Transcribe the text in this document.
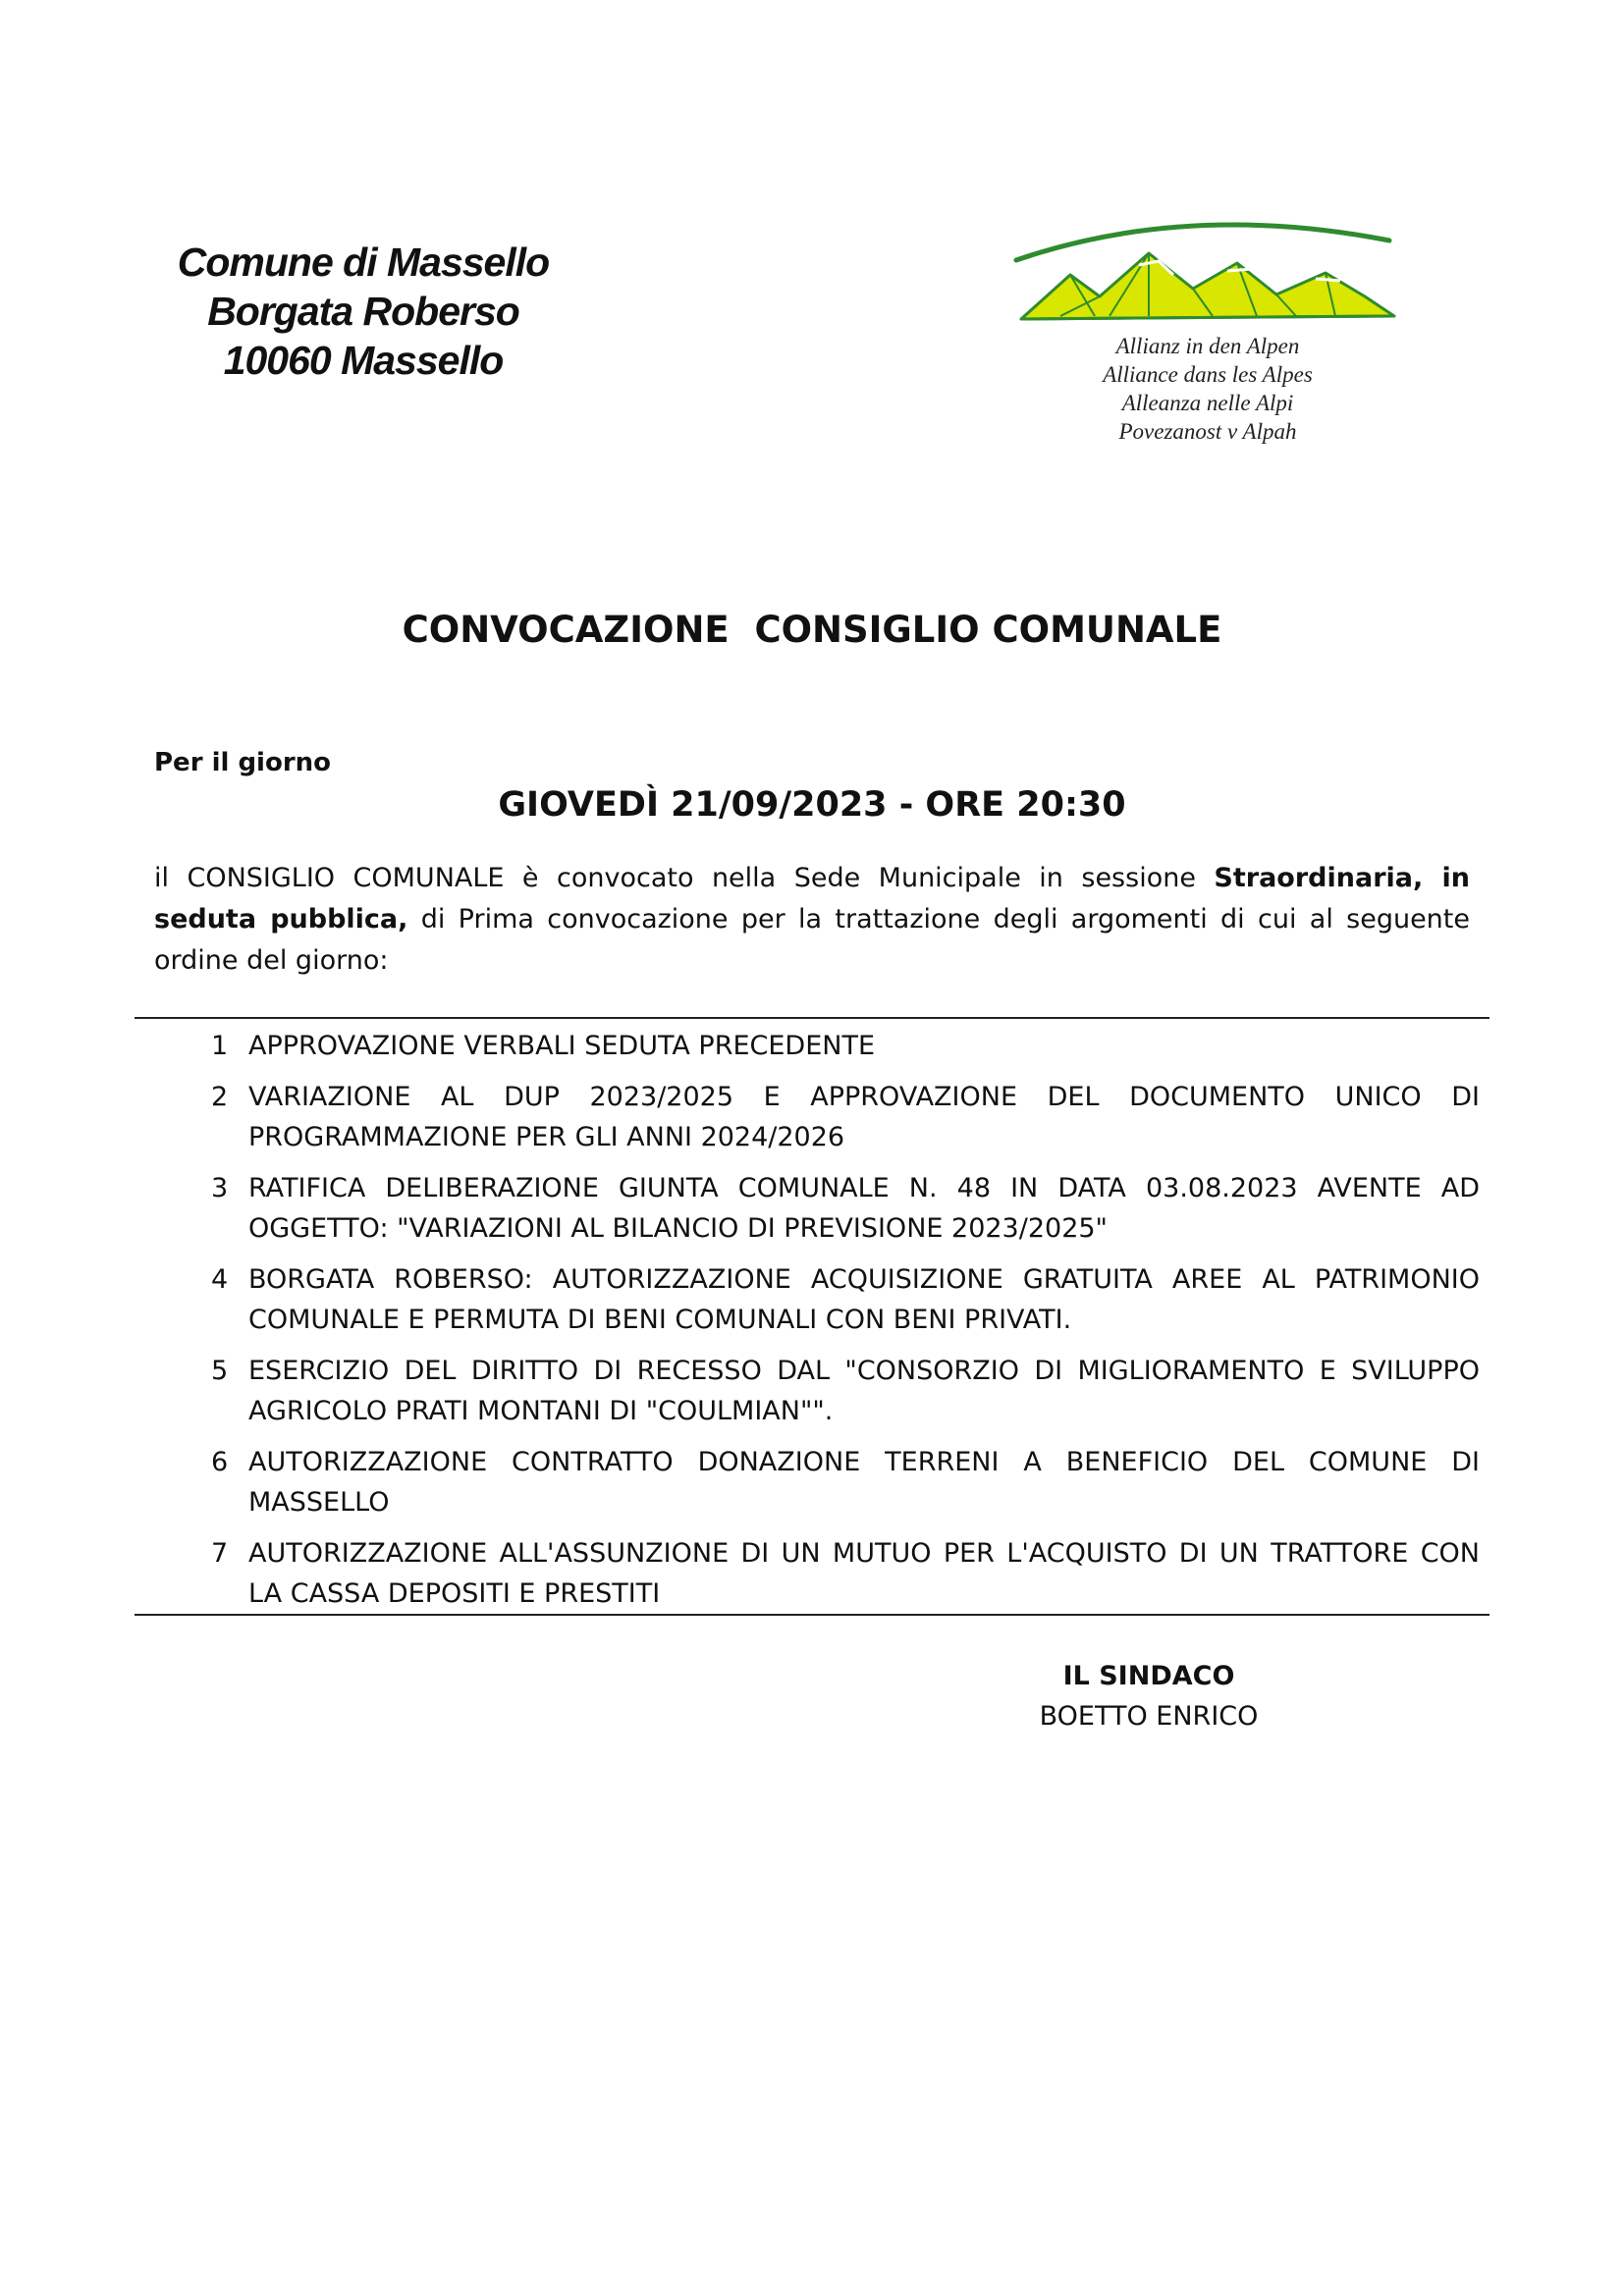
Comune di Massello
Borgata Roberso
10060 Massello	Allianz in den Alpen
Alliance dans les Alpes
Alleanza nelle Alpi
Povezanost v Alpah
CONVOCAZIONE  CONSIGLIO COMUNALE
Per il giorno
GIOVEDÌ 21/09/2023 - ORE 20:30
il CONSIGLIO COMUNALE è convocato nella Sede Municipale in sessione Straordinaria, in seduta pubblica, di Prima convocazione per la trattazione degli argomenti di cui al seguente ordine del giorno:
1 APPROVAZIONE VERBALI SEDUTA PRECEDENTE
2 VARIAZIONE AL DUP 2023/2025 E APPROVAZIONE DEL DOCUMENTO UNICO DI PROGRAMMAZIONE PER GLI ANNI 2024/2026
3 RATIFICA DELIBERAZIONE GIUNTA COMUNALE N. 48 IN DATA 03.08.2023 AVENTE AD OGGETTO: "VARIAZIONI AL BILANCIO DI PREVISIONE 2023/2025"
4 BORGATA ROBERSO: AUTORIZZAZIONE ACQUISIZIONE GRATUITA AREE AL PATRIMONIO COMUNALE E PERMUTA DI BENI COMUNALI CON BENI PRIVATI.
5 ESERCIZIO DEL DIRITTO DI RECESSO DAL "CONSORZIO DI MIGLIORAMENTO E SVILUPPO AGRICOLO PRATI MONTANI DI "COULMIAN"".
6 AUTORIZZAZIONE CONTRATTO DONAZIONE TERRENI A BENEFICIO DEL COMUNE DI MASSELLO
7 AUTORIZZAZIONE ALL'ASSUNZIONE DI UN MUTUO PER L'ACQUISTO DI UN TRATTORE CON LA CASSA DEPOSITI E PRESTITI
IL SINDACO
BOETTO ENRICO
